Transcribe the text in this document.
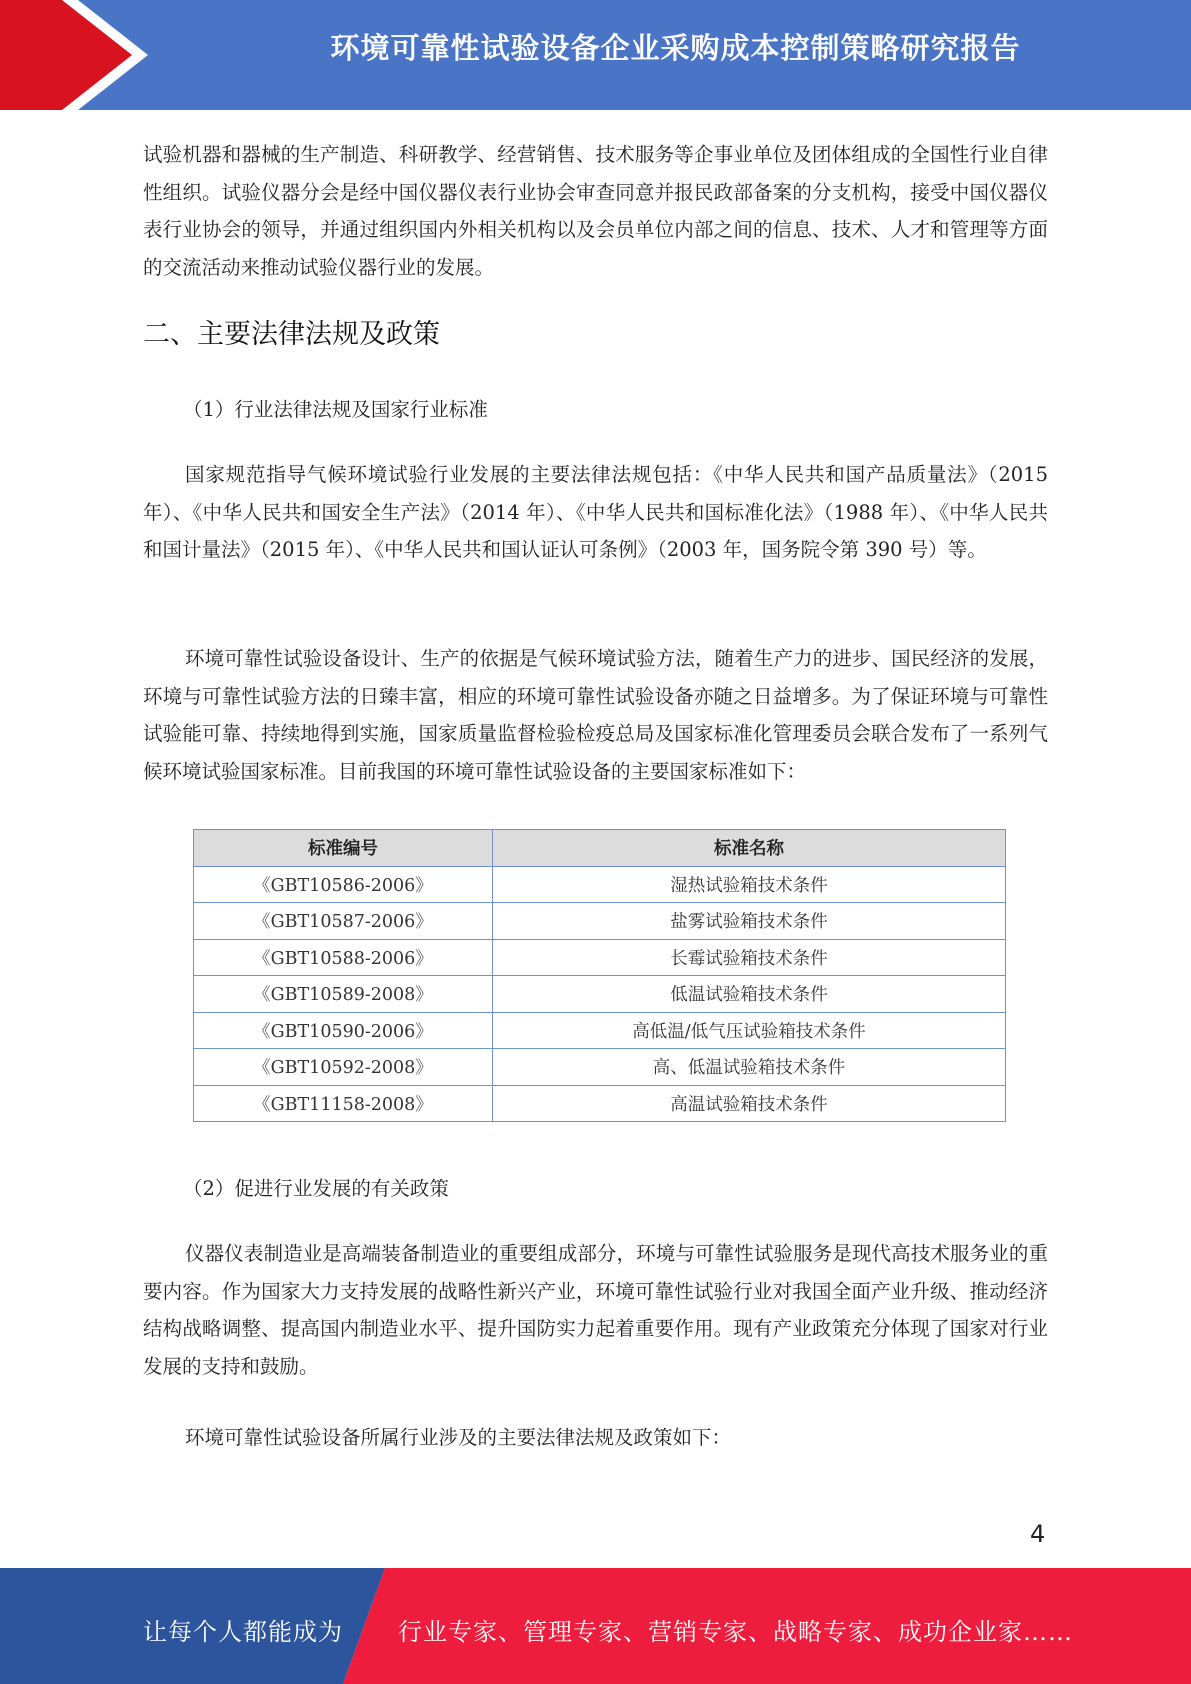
环境可靠性试验设备企业采购成本控制策略研究报告

试验机器和器械的生产制造、科研教学、经营销售、技术服务等企事业单位及团体组成的全国性行业自律性组织。试验仪器分会是经中国仪器仪表行业协会审查同意并报民政部备案的分支机构，接受中国仪器仪表行业协会的领导，并通过组织国内外相关机构以及会员单位内部之间的信息、技术、人才和管理等方面的交流活动来推动试验仪器行业的发展。

二、主要法律法规及政策

（1）行业法律法规及国家行业标准

国家规范指导气候环境试验行业发展的主要法律法规包括：《中华人民共和国产品质量法》（2015 年）、《中华人民共和国安全生产法》（2014 年）、《中华人民共和国标准化法》（1988 年）、《中华人民共和国计量法》（2015 年）、《中华人民共和国认证认可条例》（2003 年，国务院令第 390 号）等。

环境可靠性试验设备设计、生产的依据是气候环境试验方法，随着生产力的进步、国民经济的发展，环境与可靠性试验方法的日臻丰富，相应的环境可靠性试验设备亦随之日益增多。为了保证环境与可靠性试验能可靠、持续地得到实施，国家质量监督检验检疫总局及国家标准化管理委员会联合发布了一系列气候环境试验国家标准。目前我国的环境可靠性试验设备的主要国家标准如下：

标准编号	标准名称
《GBT10586-2006》	湿热试验箱技术条件
《GBT10587-2006》	盐雾试验箱技术条件
《GBT10588-2006》	长霉试验箱技术条件
《GBT10589-2008》	低温试验箱技术条件
《GBT10590-2006》	高低温/低气压试验箱技术条件
《GBT10592-2008》	高、低温试验箱技术条件
《GBT11158-2008》	高温试验箱技术条件

（2）促进行业发展的有关政策

仪器仪表制造业是高端装备制造业的重要组成部分，环境与可靠性试验服务是现代高技术服务业的重要内容。作为国家大力支持发展的战略性新兴产业，环境可靠性试验行业对我国全面产业升级、推动经济结构战略调整、提高国内制造业水平、提升国防实力起着重要作用。现有产业政策充分体现了国家对行业发展的支持和鼓励。

环境可靠性试验设备所属行业涉及的主要法律法规及政策如下：

4
让每个人都能成为 行业专家、管理专家、营销专家、战略专家、成功企业家……
